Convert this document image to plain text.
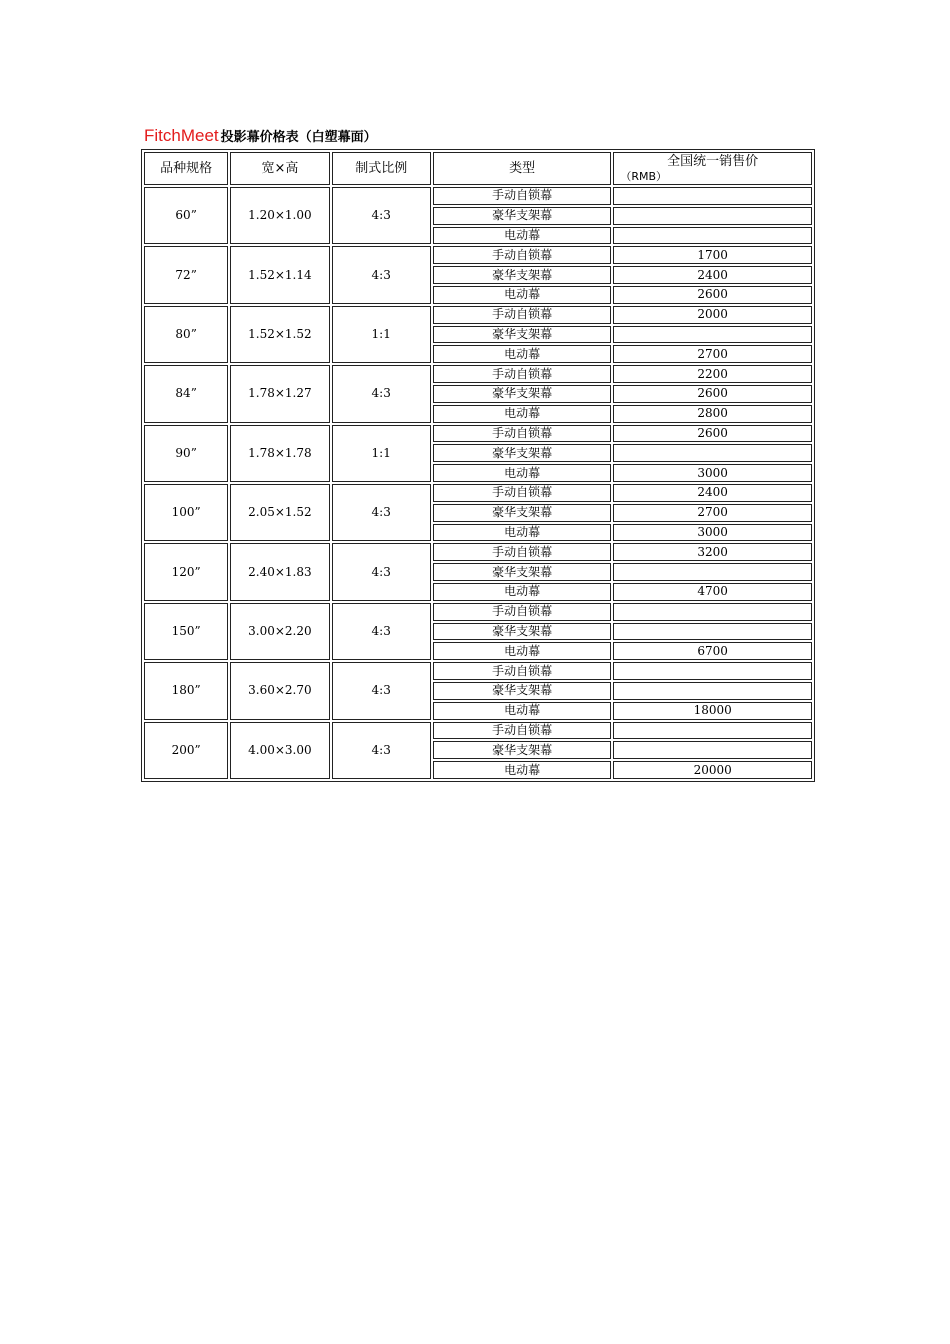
FitchMeet 投影幕价格表（白塑幕面）
品种规格	宽×高	制式比例	类型	全国统一销售价
（RMB）

60”	1.20×1.00	4:3	手动自锁幕	
			豪华支架幕	
			电动幕	
72”	1.52×1.14	4:3	手动自锁幕	1700
			豪华支架幕	2400
			电动幕	2600
80”	1.52×1.52	1:1	手动自锁幕	2000
			豪华支架幕	
			电动幕	2700
84”	1.78×1.27	4:3	手动自锁幕	2200
			豪华支架幕	2600
			电动幕	2800
90”	1.78×1.78	1:1	手动自锁幕	2600
			豪华支架幕	
			电动幕	3000
100”	2.05×1.52	4:3	手动自锁幕	2400
			豪华支架幕	2700
			电动幕	3000
120”	2.40×1.83	4:3	手动自锁幕	3200
			豪华支架幕	
			电动幕	4700
150”	3.00×2.20	4:3	手动自锁幕	
			豪华支架幕	
			电动幕	6700
180”	3.60×2.70	4:3	手动自锁幕	
			豪华支架幕	
			电动幕	18000
200”	4.00×3.00	4:3	手动自锁幕	
			豪华支架幕	
			电动幕	20000
